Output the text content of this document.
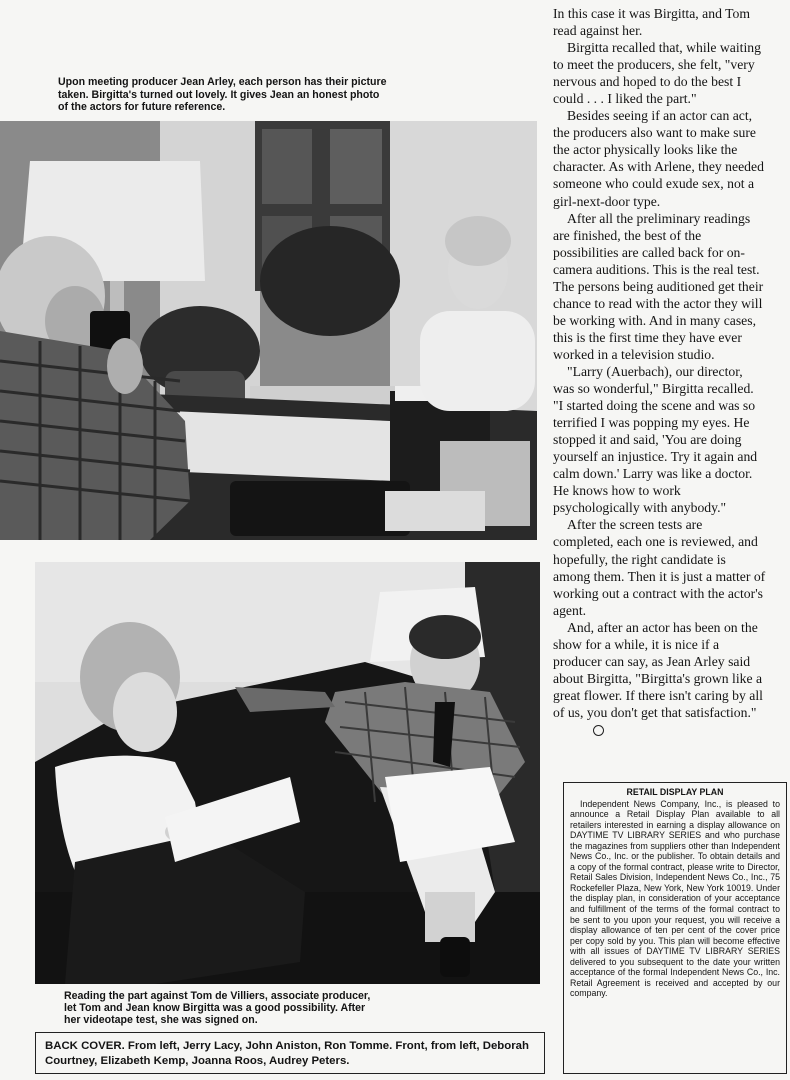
Upon meeting producer Jean Arley, each person has their picture taken. Birgitta's turned out lovely. It gives Jean an honest photo of the actors for future reference.

Reading the part against Tom de Villiers, associate producer, let Tom and Jean know Birgitta was a good possibility. After her videotape test, she was signed on.

BACK COVER. From left, Jerry Lacy, John Aniston, Ron Tomme. Front, from left, Deborah Courtney, Elizabeth Kemp, Joanna Roos, Audrey Peters.

In this case it was Birgitta, and Tom read against her.

Birgitta recalled that, while waiting to meet the producers, she felt, "very nervous and hoped to do the best I could . . . I liked the part."

Besides seeing if an actor can act, the producers also want to make sure the actor physically looks like the character. As with Arlene, they needed someone who could exude sex, not a girl-next-door type.

After all the preliminary readings are finished, the best of the possibilities are called back for on-camera auditions. This is the real test. The persons being auditioned get their chance to read with the actor they will be working with. And in many cases, this is the first time they have ever worked in a television studio.

"Larry (Auerbach), our director, was so wonderful," Birgitta recalled. "I started doing the scene and was so terrified I was popping my eyes. He stopped it and said, 'You are doing yourself an injustice. Try it again and calm down.' Larry was like a doctor. He knows how to work psychologically with anybody."

After the screen tests are completed, each one is reviewed, and hopefully, the right candidate is among them. Then it is just a matter of working out a contract with the actor's agent.

And, after an actor has been on the show for a while, it is nice if a producer can say, as Jean Arley said about Birgitta, "Birgitta's grown like a great flower. If there isn't caring by all of us, you don't get that satisfaction."

RETAIL DISPLAY PLAN

Independent News Company, Inc., is pleased to announce a Retail Display Plan available to all retailers interested in earning a display allowance on DAYTIME TV LIBRARY SERIES and who purchase the magazines from suppliers other than Independent News Co., Inc. or the publisher. To obtain details and a copy of the formal contract, please write to Director, Retail Sales Division, Independent News Co., Inc., 75 Rockefeller Plaza, New York, New York 10019. Under the display plan, in consideration of your acceptance and fulfillment of the terms of the formal contract to be sent to you upon your request, you will receive a display allowance of ten per cent of the cover price per copy sold by you. This plan will become effective with all issues of DAYTIME TV LIBRARY SERIES delivered to you subsequent to the date your written acceptance of the formal Independent News Co., Inc. Retail Agreement is received and accepted by our company.
